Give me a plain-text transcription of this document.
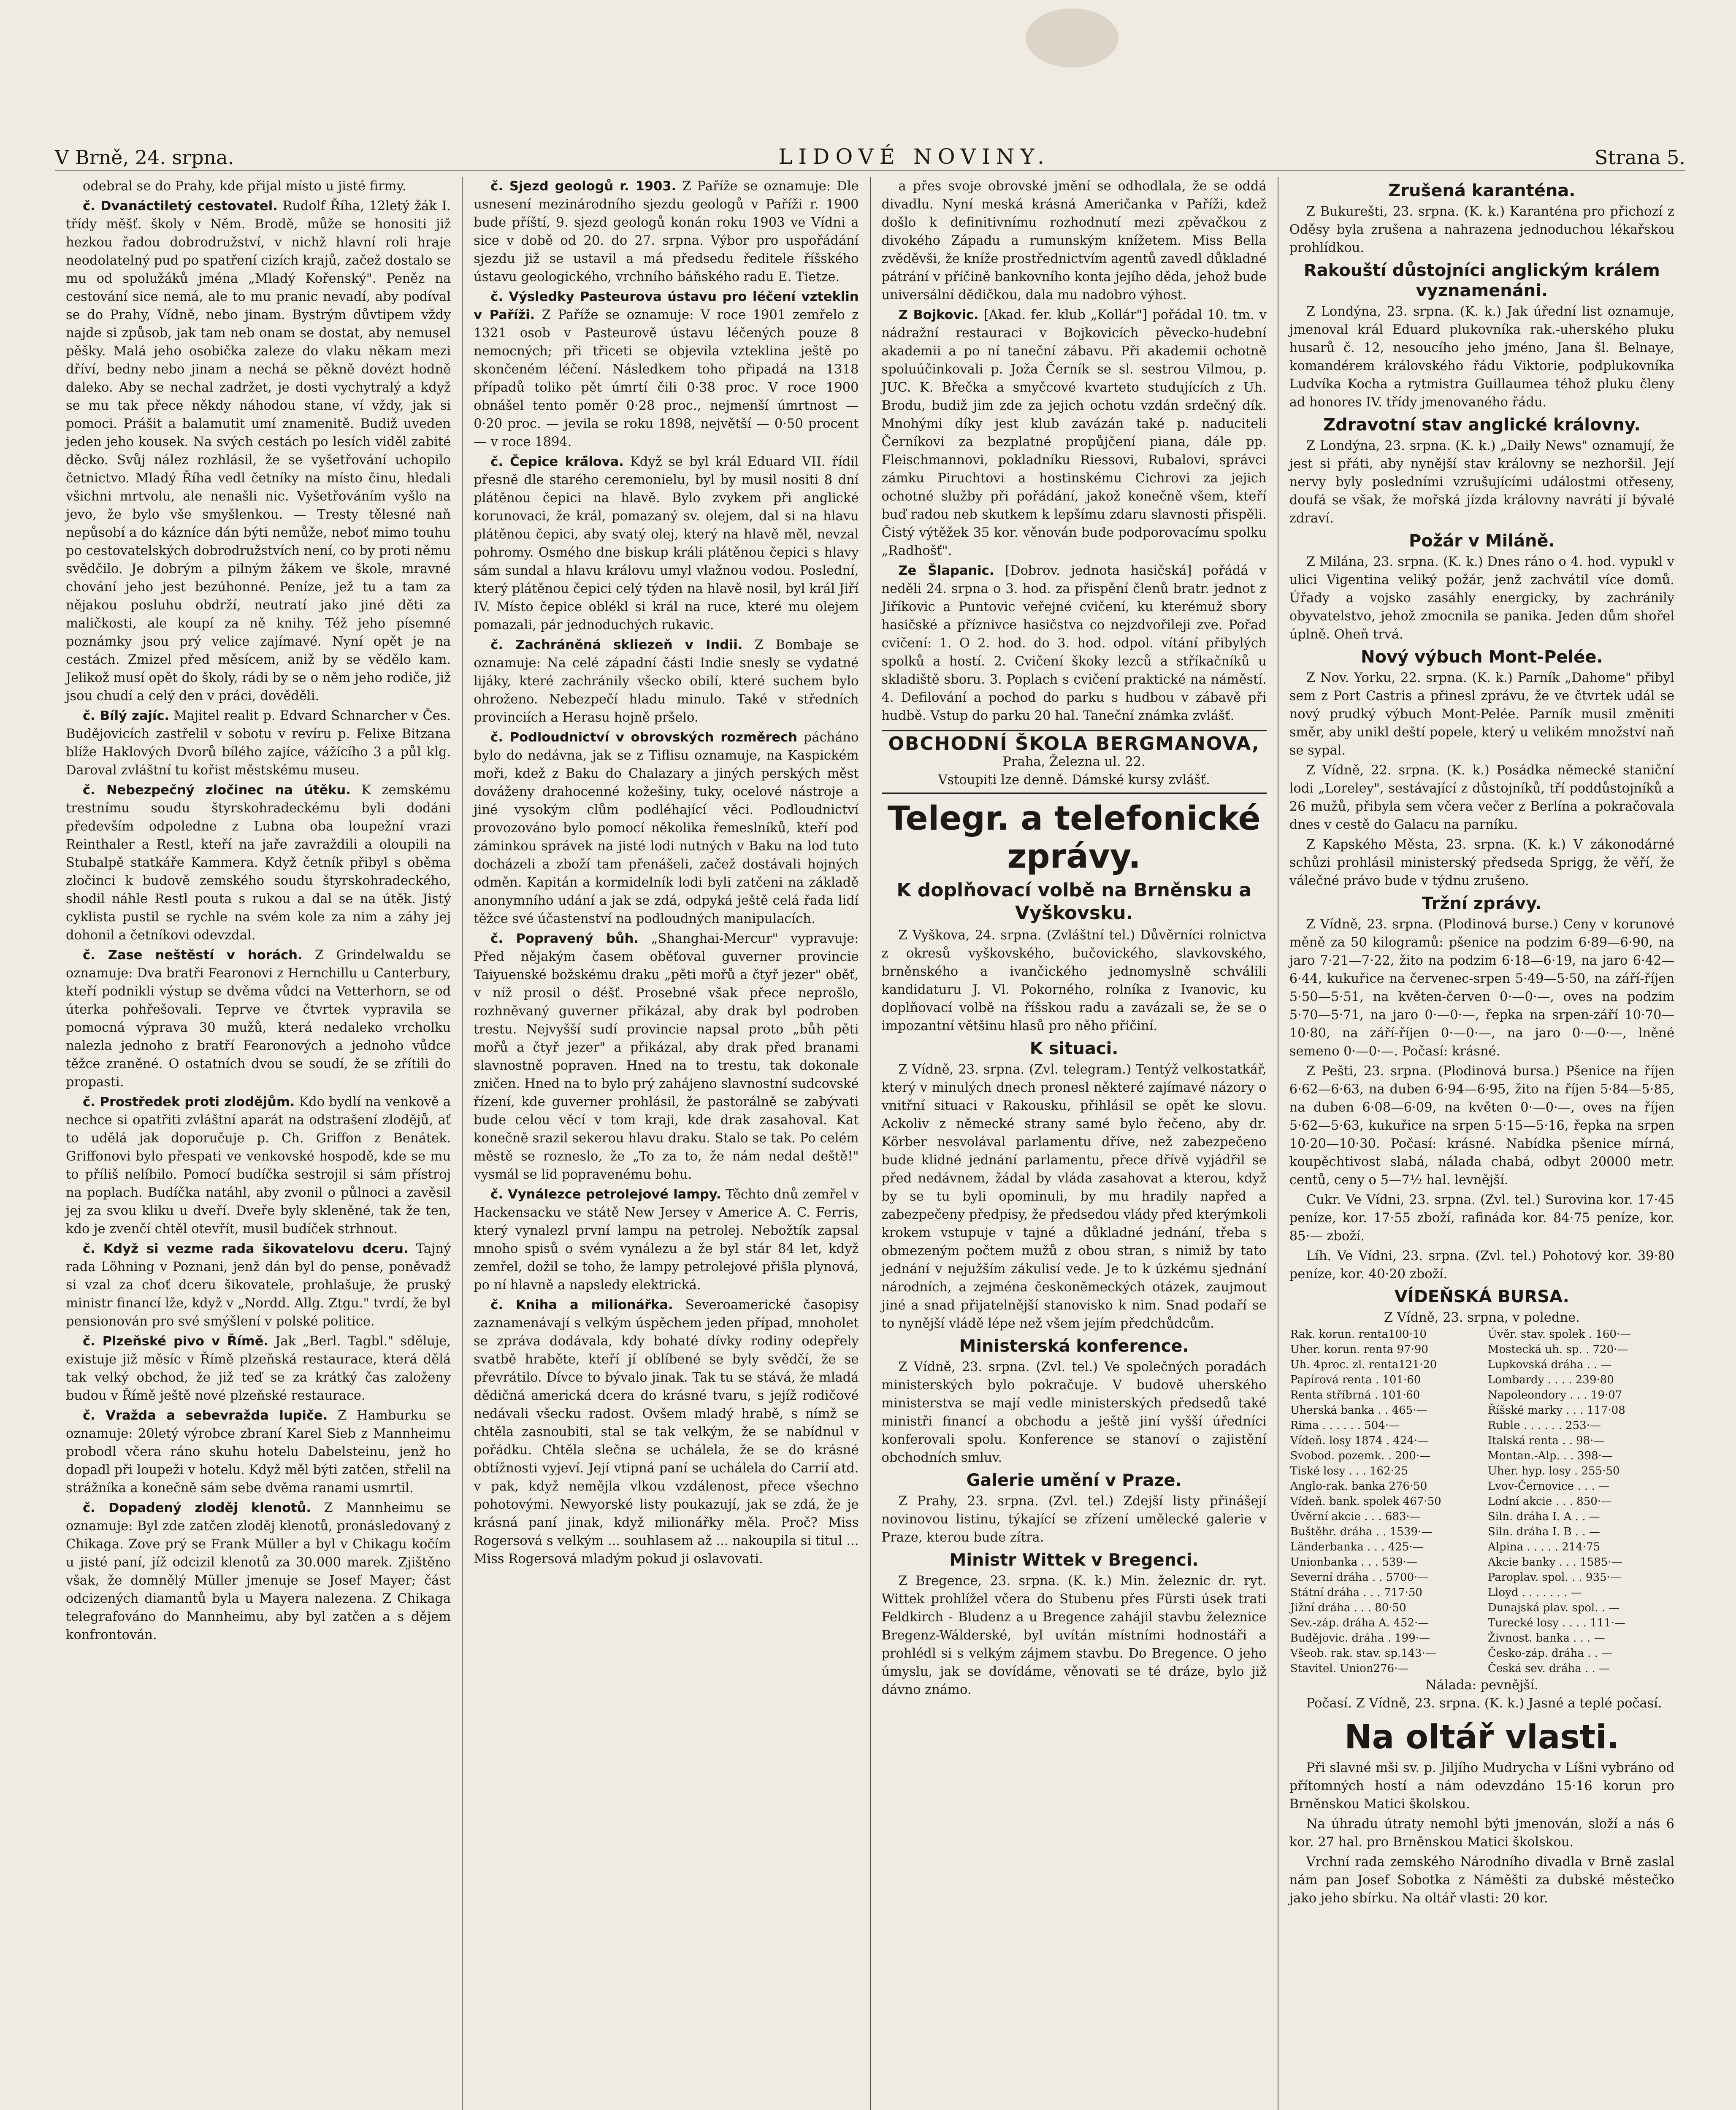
V Brně, 24. srpna.	LIDOVÉ NOVINY.	Strana 5.

odebral se do Prahy, kde přijal místo u jisté firmy.

č. Dvanáctiletý cestovatel. Rudolf Říha, 12letý žák I. třídy měšť. školy v Něm. Brodě, může se honositi již hezkou řadou dobrodružství, v nichž hlavní roli hraje neodolatelný pud po spatření cizích krajů, začež dostalo se mu od spolužáků jména „Mladý Kořenský". Peněz na cestování sice nemá, ale to mu pranic nevadí, aby podíval se do Prahy, Vídně, nebo jinam. Bystrým důvtipem vždy najde si způsob, jak tam neb onam se dostat, aby nemusel pěšky. Malá jeho osobička zaleze do vlaku někam mezi dříví, bedny nebo jinam a nechá se pěkně dovézt hodně daleko. Aby se nechal zadržet, je dosti vychytralý a když se mu tak přece někdy náhodou stane, ví vždy, jak si pomoci. Prášit a balamutit umí znamenitě. Budiž uveden jeden jeho kousek. Na svých cestách po lesích viděl zabité děcko. Svůj nález rozhlásil, že se vyšetřování uchopilo četnictvo. Mladý Říha vedl četníky na místo činu, hledali všichni mrtvolu, ale nenašli nic. Vyšetřováním vyšlo na jevo, že bylo vše smyšlenkou. — Tresty tělesné naň nepůsobí a do kázníce dán býti nemůže, neboť mimo touhu po cestovatelských dobrodružstvích není, co by proti němu svědčilo. Je dobrým a pilným žákem ve škole, mravné chování jeho jest bezúhonné. Peníze, jež tu a tam za nějakou posluhu obdrží, neutratí jako jiné děti za maličkosti, ale koupí za ně knihy. Též jeho písemné poznámky jsou prý velice zajímavé. Nyní opět je na cestách. Zmizel před měsícem, aniž by se vědělo kam. Jelikož musí opět do školy, rádi by se o něm jeho rodiče, již jsou chudí a celý den v práci, dověděli.

č. Bílý zajíc. Majitel realit p. Edvard Schnarcher v Čes. Budějovicích zastřelil v sobotu v revíru p. Felixe Bitzana blíže Haklových Dvorů bílého zajíce, vážícího 3 a půl klg. Daroval zvláštní tu kořist městskému museu.

č. Nebezpečný zločinec na útěku. K zemskému trestnímu soudu štyrskohradeckému byli dodáni především odpoledne z Lubna oba loupežní vrazi Reinthaler a Restl, kteří na jaře zavraždili a oloupili na Stubalpě statkáře Kammera. Když četník přibyl s oběma zločinci k budově zemského soudu štyrskohradeckého, shodil náhle Restl pouta s rukou a dal se na útěk. Jistý cyklista pustil se rychle na svém kole za nim a záhy jej dohonil a četníkovi odevzdal.

č. Zase neštěstí v horách. Z Grindelwaldu se oznamuje: Dva bratři Fearonovi z Hernchillu u Canterbury, kteří podnikli výstup se dvěma vůdci na Vetterhorn, se od úterka pohřešovali. Teprve ve čtvrtek vypravila se pomocná výprava 30 mužů, která nedaleko vrcholku nalezla jednoho z bratří Fearonových a jednoho vůdce těžce zraněné. O ostatních dvou se soudí, že se zřítili do propasti.

č. Prostředek proti zlodějům. Kdo bydlí na venkově a nechce si opatřiti zvláštní aparát na odstrašení zlodějů, ať to udělá jak doporučuje p. Ch. Griffon z Benátek. Griffonovi bylo přespati ve venkovské hospodě, kde se mu to příliš nelíbilo. Pomocí budíčka sestrojil si sám přístroj na poplach. Budíčka natáhl, aby zvonil o půlnoci a zavěsil jej za svou kliku u dveří. Dveře byly skleněné, tak že ten, kdo je zvenčí chtěl otevřít, musil budíček strhnout.

č. Když si vezme rada šikovatelovu dceru. Tajný rada Löhning v Poznani, jenž dán byl do pense, poněvadž si vzal za choť dceru šikovatele, prohlašuje, že pruský ministr financí lže, když v „Nordd. Allg. Ztgu." tvrdí, že byl pensionován pro své smýšlení v polské politice.

č. Plzeňské pivo v Římě. Jak „Berl. Tagbl." sděluje, existuje již měsíc v Římě plzeňská restaurace, která dělá tak velký obchod, že již teď se za krátký čas založeny budou v Římě ještě nové plzeňské restaurace.

č. Vražda a sebevražda lupiče. Z Hamburku se oznamuje: 20letý výrobce zbraní Karel Sieb z Mannheimu probodl včera ráno skuhu hotelu Dabelsteinu, jenž ho dopadl při loupeži v hotelu. Když měl býti zatčen, střelil na strážníka a konečně sám sebe dvěma ranami usmrtil.

č. Dopadený zloděj klenotů. Z Mannheimu se oznamuje: Byl zde zatčen zloděj klenotů, pronásledovaný z Chikaga. Zove prý se Frank Müller a byl v Chikagu kočím u jisté paní, jíž odcizil klenotů za 30.000 marek. Zjištěno však, že domnělý Müller jmenuje se Josef Mayer; část odcizených diamantů byla u Mayera nalezena. Z Chikaga telegrafováno do Mannheimu, aby byl zatčen a s dějem konfrontován.

č. Sjezd geologů r. 1903. Z Paříže se oznamuje: Dle usnesení mezinárodního sjezdu geologů v Paříži r. 1900 bude příští, 9. sjezd geologů konán roku 1903 ve Vídni a sice v době od 20. do 27. srpna. Výbor pro uspořádání sjezdu již se ustavil a má předsedu ředitele říšského ústavu geologického, vrchního báňského radu E. Tietze.

č. Výsledky Pasteurova ústavu pro léčení vzteklin v Paříži. Z Paříže se oznamuje: V roce 1901 zemřelo z 1321 osob v Pasteurově ústavu léčených pouze 8 nemocných; při třiceti se objevila vzteklina ještě po skončeném léčení. Následkem toho připadá na 1318 případů toliko pět úmrtí čili 0·38 proc. V roce 1900 obnášel tento poměr 0·28 proc., nejmenší úmrtnost — 0·20 proc. — jevila se roku 1898, největší — 0·50 procent — v roce 1894.

č. Čepice krá̈lova. Když se byl král Eduard VII. řídil přesně dle starého ceremonielu, byl by musil nositi 8 dní plátěnou čepici na hlavě. Bylo zvykem při anglické korunovaci, že král, pomazaný sv. olejem, dal si na hlavu plátěnou čepici, aby svatý olej, který na hlavě měl, nevzal pohromy. Osmého dne biskup králi plátěnou čepici s hlavy sám sundal a hlavu královu umyl vlažnou vodou. Poslední, který plátěnou čepici celý týden na hlavě nosil, byl král Jiří IV. Místo čepice oblékl si král na ruce, které mu olejem pomazali, pár jednoduchých rukavic.

č. Zachráněná skliezeň v Indii. Z Bombaje se oznamuje: Na celé západní části Indie snesly se vydatné lijáky, které zachránily všecko obilí, které suchem bylo ohroženo. Nebezpečí hladu minulo. Také v středních provinciích a Herasu hojně pršelo.

č. Podloudnictví v obrovských rozměrech pácháno bylo do nedávna, jak se z Tiflisu oznamuje, na Kaspickém moři, kdež z Baku do Chalazary a jiných perských měst dováženy drahocenné kožešiny, tuky, ocelové nástroje a jiné vysokým clům podléhající věci. Podloudnictví provozováno bylo pomocí několika řemeslníků, kteří pod záminkou správek na jisté lodi nutných v Baku na lod tuto docházeli a zboží tam přenášeli, začež dostávali hojných odměn. Kapitán a kormidelník lodi byli zatčeni na základě anonymního udání a jak se zdá, odpyká ještě celá řada lidí těžce své účastenství na podloudných manipulacích.

č. Popravený bůh. „Shanghai-Mercur" vypravuje: Před nějakým časem oběťoval guverner provincie Taiyuenské božskému draku „pěti mořů a čtyř jezer" oběť, v níž prosil o déšť. Prosebné však přece neprošlo, rozhněvaný guverner přikázal, aby drak byl podroben trestu. Nejvyšší sudí provincie napsal proto „bůh pěti mořů a čtyř jezer" a přikázal, aby drak před branami slavnostně popraven. Hned na to trestu, tak dokonale zničen. Hned na to bylo prý zahájeno slavnostní sudcovské řízení, kde guverner prohlásil, že pastorálně se zabývati bude celou věcí v tom kraji, kde drak zasahoval. Kat konečně srazil sekerou hlavu draku. Stalo se tak. Po celém městě se rozneslo, že „To za to, že nám nedal deště!" vysmál se lid popravenému bohu.

č. Vynálezce petrolejové lampy. Těchto dnů zemřel v Hackensacku ve státě New Jersey v Americe A. C. Ferris, který vynalezl první lampu na petrolej. Nebožtík zapsal mnoho spisů o svém vynálezu a že byl stár 84 let, když zemřel, dožil se toho, že lampy petrolejové přišla plynová, po ní hlavně a napsledy elektrická.

č. Kniha a milionářka. Severoamerické časopisy zaznamenávají s velkým úspěchem jeden případ, mnoholet se zpráva dodávala, kdy bohaté dívky rodiny odepřely svatbě hraběte, kteří jí oblíbené se byly svědčí, že se převrátilo. Dívce to bývalo jinak. Tak tu se stává, že mladá dědičná americká dcera do krásné tvaru, s jejíž rodičové nedávali všecku radost. Ovšem mladý hrabě, s nímž se chtěla zasnoubiti, stal se tak velkým, že se nabídnul v pořádku. Chtěla slečna se uchálela, že se do krásné obtížnosti vyjeví. Její vtipná paní se uchálela do Carrií atd. v pak, když nemějla vlkou vzdálenost, přece všechno pohotovými. Newyorské listy poukazují, jak se zdá, že je krásná paní jinak, když milionářky měla. Proč? Miss Rogersová s velkým ... souhlasem až ... nakoupila si titul ... Miss Rogersová mladým pokud ji oslavovati.

a přes svoje obrovské jmění se odhodlala, že se oddá divadlu. Nyní meská krásná Američanka v Paříži, kdež došlo k definitivnímu rozhodnutí mezi zpěvačkou z divokého Západu a rumunským knížetem. Miss Bella zvěděvši, že kníže prostřednictvím agentů zavedl důkladné pátrání v příčině bankovního konta jejího děda, jehož bude universální dědičkou, dala mu nadobro výhost.

Z Bojkovic. [Akad. fer. klub „Kollár"] pořádal 10. tm. v nádražní restauraci v Bojkovicích pěvecko-hudební akademii a po ní taneční zábavu. Při akademii ochotně spoluúčinkovali p. Joža Černík se sl. sestrou Vilmou, p. JUC. K. Břečka a smyčcové kvarteto studujících z Uh. Brodu, budiž jim zde za jejich ochotu vzdán srdečný dík. Mnohými díky jest klub zavázán také p. naduciteli Černíkovi za bezplatné propůjčení piana, dále pp. Fleischmannovi, pokladníku Riessovi, Rubalovi, správci zámku Piruchtovi a hostinskému Cichrovi za jejich ochotné služby při pořádání, jakož konečně všem, kteří buď radou neb skutkem k lepšímu zdaru slavnosti přispěli. Čistý výtěžek 35 kor. věnován bude podporovacímu spolku „Radhošť".

Ze Šlapanic. [Dobrov. jednota hasičská] pořádá v neděli 24. srpna o 3. hod. za přispění členů bratr. jednot z Jiříkovic a Puntovic veřejné cvičení, ku kterémuž sbory hasičské a příznivce hasičstva co nejzdvořileji zve. Pořad cvičení: 1. O 2. hod. do 3. hod. odpol. vítání přibylých spolků a hostí. 2. Cvičení škoky lezců a stříkačníků u skladiště sboru. 3. Poplach s cvičení praktické na náměstí. 4. Defilování a pochod do parku s hudbou v zábavě při hudbě. Vstup do parku 20 hal. Taneční známka zvlášť.

OBCHODNÍ ŠKOLA BERGMANOVA,
Praha, Železna ul. 22.
Vstoupiti lze denně. Dámské kursy zvlášť.
Telegr. a telefonické zprávy.
K doplňovací volbě na Brněnsku a Vyškovsku.

Z Vyškova, 24. srpna. (Zvláštní tel.) Důvěrníci rolnictva z okresů vyškovského, bučovického, slavkovského, brněnského a ivančického jednomyslně schválili kandidaturu J. Vl. Pokorného, rolníka z Ivanovic, ku doplňovací volbě na říšskou radu a zavázali se, že se o impozantní většinu hlasů pro něho přičiní.

K situaci.

Z Vídně, 23. srpna. (Zvl. telegram.) Tentýž velkostatkář, který v minulých dnech pronesl některé zajímavé názory o vnitřní situaci v Rakousku, přihlásil se opět ke slovu. Ackoliv z německé strany samé bylo řečeno, aby dr. Körber nesvolával parlamentu dříve, než zabezpečeno bude klidné jednání parlamentu, přece dřívě vyjádřil se před nedávnem, žádal by vláda zasahovat a kterou, když by se tu byli opominuli, by mu hradily napřed a zabezpečeny předpisy, že předsedou vlády před kterýmkoli krokem vstupuje v tajné a důkladné jednání, třeba s obmezeným počtem mužů z obou stran, s nimiž by tato jednání v nejužším zákulisí vede. Je to k úzkému sjednání národních, a zejména českoněmeckých otázek, zaujmout jiné a snad přijatelnější stanovisko k nim. Snad podaří se to nynější vládě lépe než všem jejím předchůdcům.

Ministerská konference.

Z Vídně, 23. srpna. (Zvl. tel.) Ve společných poradách ministerských bylo pokračuje. V budově uherského ministerstva se mají vedle ministerských předsedů také ministři financí a obchodu a ještě jiní vyšší úředníci konferovali spolu. Konference se stanoví o zajistění obchodních smluv.

Galerie umění v Praze.

Z Prahy, 23. srpna. (Zvl. tel.) Zdejší listy přinášejí novinovou listinu, týkající se zřízení umělecké galerie v Praze, kterou bude zítra.

Ministr Wittek v Bregenci.

Z Bregence, 23. srpna. (K. k.) Min. železnic dr. ryt. Wittek prohlížel včera do Stubenu přes Fürsti úsek trati Feldkirch - Bludenz a u Bregence zahájil stavbu železnice Bregenz-Wálderské, byl uvítán místními hodnostáři a prohlédl si s velkým zájmem stavbu. Do Bregence. O jeho úmyslu, jak se dovídáme, věnovati se té dráze, bylo již dávno známo.

Zrušená karanténa.

Z Bukurešti, 23. srpna. (K. k.) Karanténa pro přichozí z Oděsy byla zrušena a nahrazena jednoduchou lékařskou prohlídkou.

Rakouští důstojníci anglickým králem vyznamenáni.

Z Londýna, 23. srpna. (K. k.) Jak úřední list oznamuje, jmenoval král Eduard plukovníka rak.-uherského pluku husarů č. 12, nesoucího jeho jméno, Jana šl. Belnaye, komandérem královského řádu Viktorie, podplukovníka Ludvíka Kocha a rytmistra Guillaumea téhož pluku členy ad honores IV. třídy jmenovaného řádu.

Zdravotní stav anglické královny.

Z Londýna, 23. srpna. (K. k.) „Daily News" oznamují, že jest si přáti, aby nynější stav královny se nezhoršil. Její nervy byly posledními vzrušujícími událostmi otřeseny, doufá se však, že mořská jízda královny navrátí jí bývalé zdraví.

Požár v Miláně.

Z Milána, 23. srpna. (K. k.) Dnes ráno o 4. hod. vypukl v ulici Vigentina veliký požár, jenž zachvátil více domů. Úřady a vojsko zasáhly energicky, by zachránily obyvatelstvo, jehož zmocnila se panika. Jeden dům shořel úplně. Oheň trvá.

Nový výbuch Mont-Pelée.

Z Nov. Yorku, 22. srpna. (K. k.) Parník „Dahome" přibyl sem z Port Castris a přinesl zprávu, že ve čtvrtek udál se nový prudký výbuch Mont-Pelée. Parník musil změniti směr, aby unikl deští popele, který u velikém množství naň se sypal.

Z Vídně, 22. srpna. (K. k.) Posádka německé staniční lodi „Loreley", sestávající z důstojníků, tří poddůstojníků a 26 mužů, přibyla sem včera večer z Berlína a pokračovala dnes v cestě do Galacu na parníku.

Z Kapského Města, 23. srpna. (K. k.) V zákonodárné schůzi prohlásil ministerský předseda Sprigg, že věří, že válečné právo bude v týdnu zrušeno.

Tržní zprávy.

Z Vídně, 23. srpna. (Plodinová burse.) Ceny v korunové měně za 50 kilogramů: pšenice na podzim 6·89—6·90, na jaro 7·21—7·22, žito na podzim 6·18—6·19, na jaro 6·42—6·44, kukuřice na červenec-srpen 5·49—5·50, na září-říjen 5·50—5·51, na květen-červen 0·—0·—, oves na podzim 5·70—5·71, na jaro 0·—0·—, řepka na srpen-září 10·70—10·80, na září-říjen 0·—0·—, na jaro 0·—0·—, lněné semeno 0·—0·—. Počasí: krásné.

Z Pešti, 23. srpna. (Plodinová bursa.) Pšenice na říjen 6·62—6·63, na duben 6·94—6·95, žito na říjen 5·84—5·85, na duben 6·08—6·09, na květen 0·—0·—, oves na říjen 5·62—5·63, kukuřice na srpen 5·15—5·16, řepka na srpen 10·20—10·30. Počasí: krásné. Nabídka pšenice mírná, koupěchtivost slabá, nálada chabá, odbyt 20000 metr. centů, ceny o 5—7½ hal. levnější.

Cukr. Ve Vídni, 23. srpna. (Zvl. tel.) Surovina kor. 17·45 peníze, kor. 17·55 zboží, rafináda kor. 84·75 peníze, kor. 85·— zboží.

Líh. Ve Vídni, 23. srpna. (Zvl. tel.) Pohotový kor. 39·80 peníze, kor. 40·20 zboží.

VÍDEŇSKÁ BURSA.
Z Vídně, 23. srpna, v poledne.
Rak. korun. renta100·10	Úvěr. stav. spolek . 160·—
Uher. korun. renta 97·90	Mostecká uh. sp. . 720·—
Uh. 4proc. zl. renta121·20	Lupkovská dráha . . —
Papírová renta . 101·60	Lombardy . . . . 239·80
Renta stříbrná . 101·60	Napoleondory . . . 19·07
Uherská banka . . 465·—	Říšské marky . . . 117·08
Rima . . . . . . 504·—	Ruble . . . . . . 253·—
Vídeň. losy 1874 . 424·—	Italská renta . . 98·—
Svobod. pozemk. . 200·—	Montan.-Alp. . . 398·—
Tiské losy . . . 162·25	Uher. hyp. losy . 255·50
Anglo-rak. banka 276·50	Lvov-Černovice . . . —
Vídeň. bank. spolek 467·50	Lodní akcie . . . 850·—
Úvěrní akcie . . . 683·—	Siln. dráha I. A . . —
Buštěhr. dráha . . 1539·—	Siln. dráha I. B . . —
Länderbanka . . . 425·—	Alpina . . . . . 214·75
Unionbanka . . . 539·—	Akcie banky . . . 1585·—
Severní dráha . . 5700·—	Paroplav. spol. . . 935·—
Státní dráha . . . 717·50	Lloyd . . . . . . . —
Jižní dráha . . . 80·50	Dunajská plav. spol. . —
Sev.-záp. dráha A. 452·—	Turecké losy . . . . 111·—
Budějovic. dráha . 199·—	Živnost. banka . . . —
Všeob. rak. stav. sp.143·—	Česko-záp. dráha . . —
Stavitel. Union276·—	Česká sev. dráha . . —
Nálada: pevnější.

Počasí. Z Vídně, 23. srpna. (K. k.) Jasné a teplé počasí.

Na oltář vlasti.

Při slavné mši sv. p. Jiljího Mudrycha v Líšni vybráno od přítomných hostí a nám odevzdáno 15·16 korun pro Brněnskou Matici školskou.

Na úhradu útraty nemohl býti jmenován, složí a nás 6 kor. 27 hal. pro Brněnskou Matici školskou.

Vrchní rada zemského Národního divadla v Brně zaslal nám pan Josef Sobotka z Náměšti za dubské městečko jako jeho sbírku. Na oltář vlasti: 20 kor.
